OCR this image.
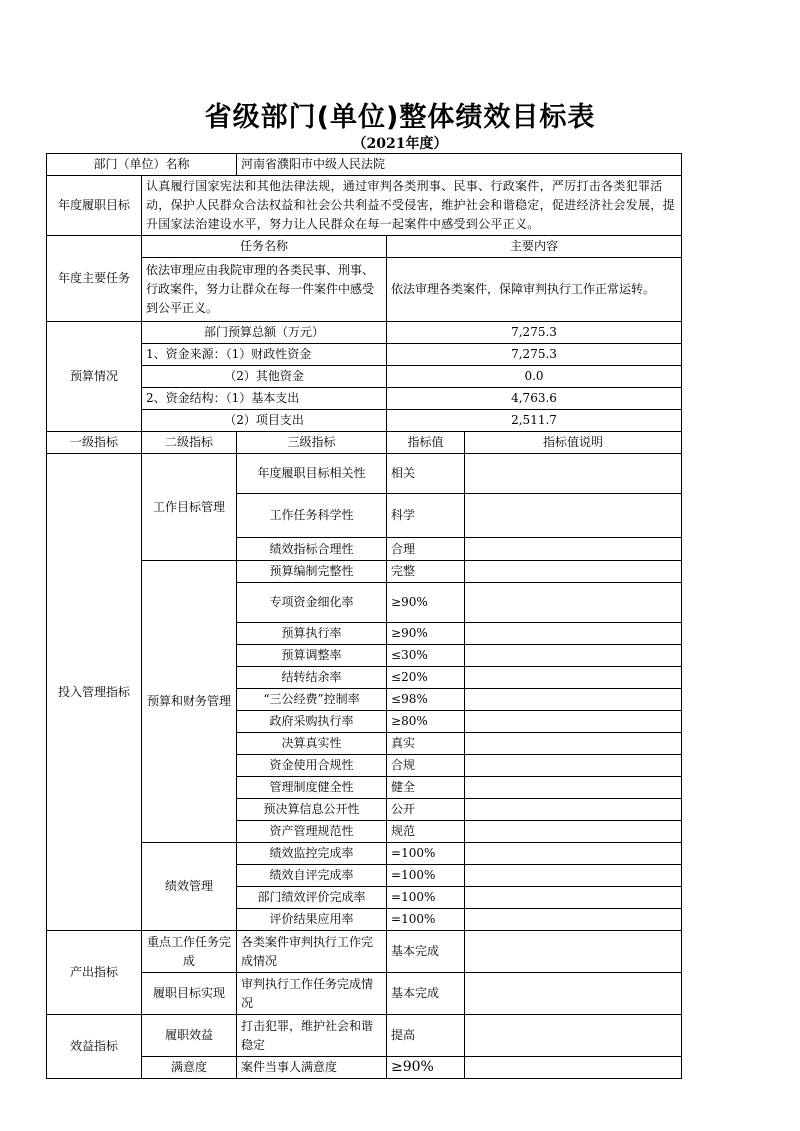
省级部门(单位)整体绩效目标表
（2021年度）
部门（单位）名称		河南省濮阳市中级人民法院		
年度履职目标	认真履行国家宪法和其他法律法规，通过审判各类刑事、民事、行政案件，严厉打击各类犯罪活动，保护人民群众合法权益和社会公共利益不受侵害，维护社会和谐稳定，促进经济社会发展，提升国家法治建设水平，努力让人民群众在每一起案件中感受到公平正义。			
年度主要任务	任务名称		主要内容	
	依法审理应由我院审理的各类民事、刑事、行政案件，努力让群众在每一件案件中感受到公平正义。		依法审理各类案件，保障审判执行工作正常运转。	
预算情况	部门预算总额（万元）		7,275.3	
	1、资金来源：（1）财政性资金		7,275.3	
	（2）其他资金		0.0	
	2、资金结构：（1）基本支出		4,763.6	
	（2）项目支出		2,511.7	
一级指标	二级指标	三级指标	指标值	指标值说明
投入管理指标	工作目标管理	年度履职目标相关性	相关	
		工作任务科学性	科学	
		绩效指标合理性	合理	
	预算和财务管理	预算编制完整性	完整	
		专项资金细化率	≥90%	
		预算执行率	≥90%	
		预算调整率	≤30%	
		结转结余率	≤20%	
		“三公经费”控制率	≤98%	
		政府采购执行率	≥80%	
		决算真实性	真实	
		资金使用合规性	合规	
		管理制度健全性	健全	
		预决算信息公开性	公开	
		资产管理规范性	规范	
	绩效管理	绩效监控完成率	=100%	
		绩效自评完成率	=100%	
		部门绩效评价完成率	=100%	
		评价结果应用率	=100%	
产出指标	重点工作任务完成	各类案件审判执行工作完成情况	基本完成	
	履职目标实现	审判执行工作任务完成情况	基本完成	
效益指标	履职效益	打击犯罪，维护社会和谐稳定	提高	
	满意度	案件当事人满意度	≥90%	
